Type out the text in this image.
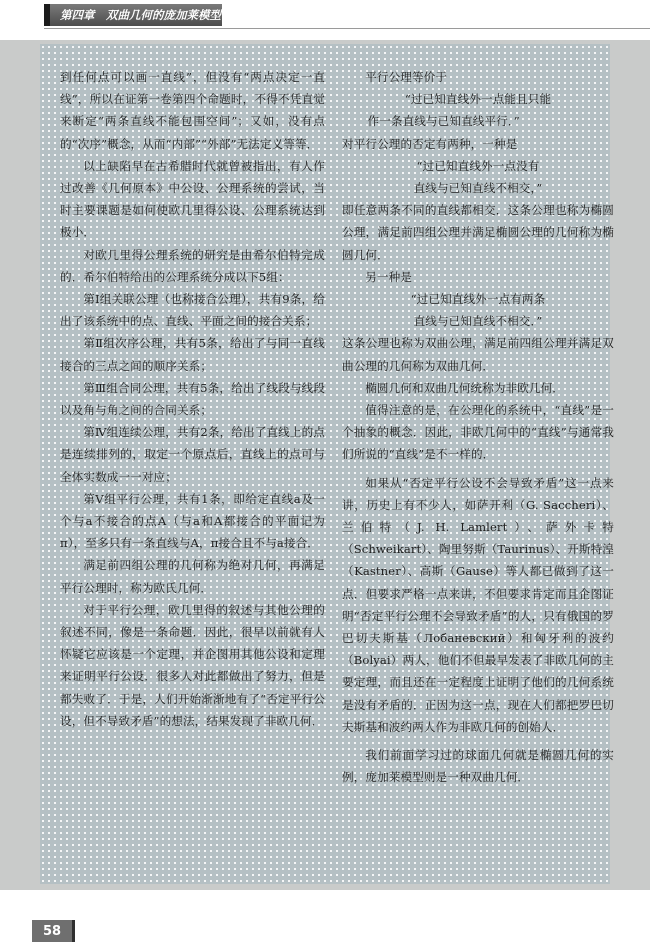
第四章　双曲几何的庞加莱模型

到任何点可以画一直线”，但没有“两点决定一直线”，所以在证第一卷第四个命题时，不得不凭直觉来断定“两条直线不能包围空间”；又如，没有点的“次序”概念，从而“内部”“外部”无法定义等等．

以上缺陷早在古希腊时代就曾被指出，有人作过改善《几何原本》中公设、公理系统的尝试，当时主要课题是如何使欧几里得公设、公理系统达到极小．

对欧几里得公理系统的研究是由希尔伯特完成的．希尔伯特给出的公理系统分成以下5组：

第Ⅰ组关联公理（也称接合公理），共有9条，给出了该系统中的点、直线、平面之间的接合关系；

第Ⅱ组次序公理，共有5条，给出了与同一直线接合的三点之间的顺序关系；

第Ⅲ组合同公理，共有5条，给出了线段与线段以及角与角之间的合同关系；

第Ⅳ组连续公理，共有2条，给出了直线上的点是连续排列的，取定一个原点后，直线上的点可与全体实数成一一对应；

第Ⅴ组平行公理，共有1条，即给定直线a及一个与a不接合的点A（与a和A都接合的平面记为π），至多只有一条直线与A，π接合且不与a接合．

满足前四组公理的几何称为绝对几何，再满足平行公理时，称为欧氏几何．

对于平行公理，欧几里得的叙述与其他公理的叙述不同，像是一条命题．因此，很早以前就有人怀疑它应该是一个定理，并企图用其他公设和定理来证明平行公设．很多人对此都做出了努力，但是都失败了．于是，人们开始渐渐地有了“否定平行公设，但不导致矛盾”的想法，结果发现了非欧几何．

平行公理等价于

“过已知直线外一点能且只能

作一条直线与已知直线平行．”

对平行公理的否定有两种，一种是

“过已知直线外一点没有

直线与已知直线不相交，”

即任意两条不同的直线都相交．这条公理也称为椭圆公理，满足前四组公理并满足椭圆公理的几何称为椭圆几何．

另一种是

“过已知直线外一点有两条

直线与已知直线不相交．”

这条公理也称为双曲公理，满足前四组公理并满足双曲公理的几何称为双曲几何．

椭圆几何和双曲几何统称为非欧几何．

值得注意的是，在公理化的系统中，“直线”是一个抽象的概念．因此，非欧几何中的“直线”与通常我们所说的“直线”是不一样的．

如果从“否定平行公设不会导致矛盾”这一点来讲，历史上有不少人，如萨开利（G. Saccheri）、兰伯特（J. H. Lamlert）、萨外卡特（Schweikart）、陶里努斯（Taurinus）、开斯特湟（Kastner）、高斯（Gause）等人都已做到了这一点．但要求严格一点来讲，不但要求肯定而且企图证明“否定平行公理不会导致矛盾”的人，只有俄国的罗巴切夫斯基（Лобаневский）和匈牙利的波约（Bolyai）两人，他们不但最早发表了非欧几何的主要定理，而且还在一定程度上证明了他们的几何系统是没有矛盾的．正因为这一点，现在人们都把罗巴切夫斯基和波约两人作为非欧几何的创始人．

我们前面学习过的球面几何就是椭圆几何的实例，庞加莱模型则是一种双曲几何．

58
